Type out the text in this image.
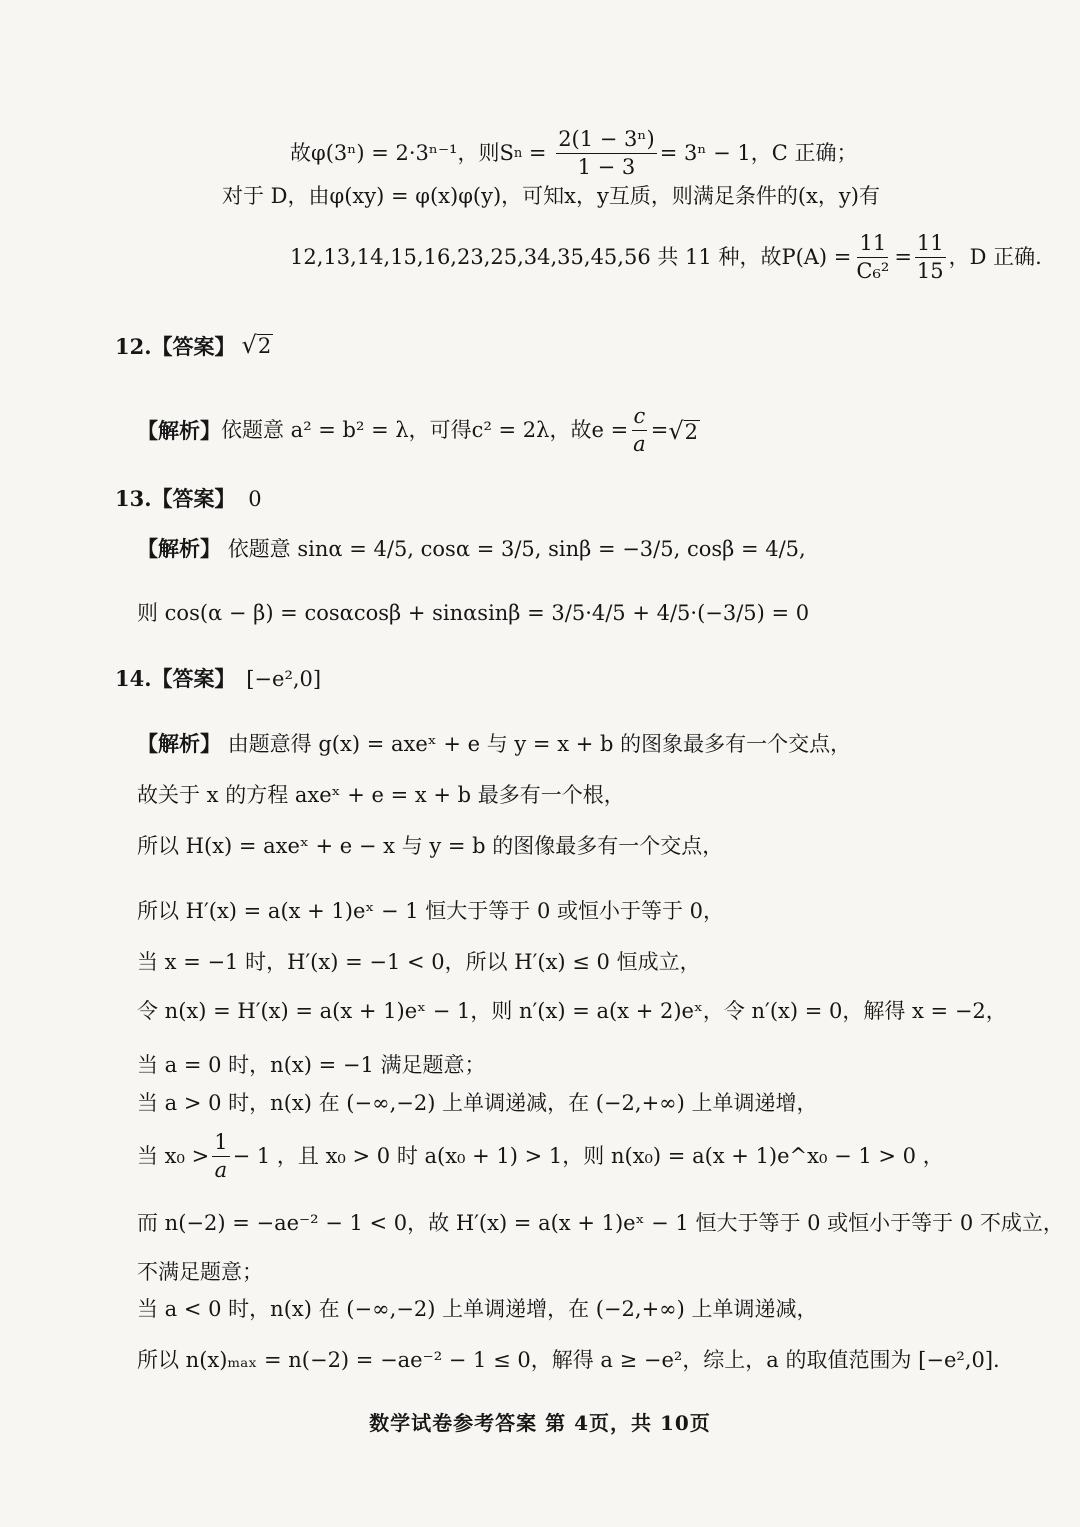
故φ(3ⁿ) = 2·3ⁿ⁻¹，则S $n = \frac{\text{2(1 − 3ⁿ)}}{1 - 3} = 3^n - 1$，C 正确；
对于 D，由φ(xy) = φ(x)φ(y)，可知x，y互质，则满足条件的(x，y)有
12,13,14,15,16,23,25,34,35,45,56 共 11 种，故$P(A) = \frac{11}{\text{C₆²}} = \frac{11}{15}$ ，D 正确.
12.【答案】 √ 2
【解析】 依题意 a² = b² = λ，可得c² = 2λ，故$e = \frac{c}{a}$ = √ 2
13.【答案】 0
【解析】 依题意 sinα = 4/5, cosα = 3/5, sinβ = −3/5, cosβ = 4/5,
则 cos(α − β) = cosαcosβ + sinαsinβ = 3/5·4/5 + 4/5·(−3/5) = 0
14.【答案】 [−e²,0]
【解析】 由题意得 g(x) = axeˣ + e 与 y = x + b 的图象最多有一个交点，
故关于 x 的方程 axeˣ + e = x + b 最多有一个根，
所以 H(x) = axeˣ + e − x 与 y = b 的图像最多有一个交点，
所以 H′(x) = a(x + 1)eˣ − 1 恒大于等于 0 或恒小于等于 0，
当 x = −1 时，H′(x) = −1 < 0，所以 H′(x) ≤ 0 恒成立，
令 n(x) = H′(x) = a(x + 1)eˣ − 1，则 n′(x) = a(x + 2)eˣ，令 n′(x) = 0，解得 x = −2，
当 a = 0 时，n(x) = −1 满足题意；
当 a > 0 时，n(x) 在 (−∞,−2) 上单调递减，在 (−2,+∞) 上单调递增，
当 $x_0 > \frac{1}{a} - 1$ ，且 x₀ > 0 时 a(x₀ + 1) > 1，则 n(x₀) = a(x + 1)e^x₀ − 1 > 0 ，
而 n(−2) = −ae⁻² − 1 < 0，故 H′(x) = a(x + 1)eˣ − 1 恒大于等于 0 或恒小于等于 0 不成立，
不满足题意；
当 a < 0 时，n(x) 在 (−∞,−2) 上单调递增，在 (−2,+∞) 上单调递减，
所以 n(x)ₘₐₓ = n(−2) = −ae⁻² − 1 ≤ 0，解得 a ≥ −e²，综上，a 的取值范围为 [−e²,0].
数学试卷参考答案 第 4页，共 10页
